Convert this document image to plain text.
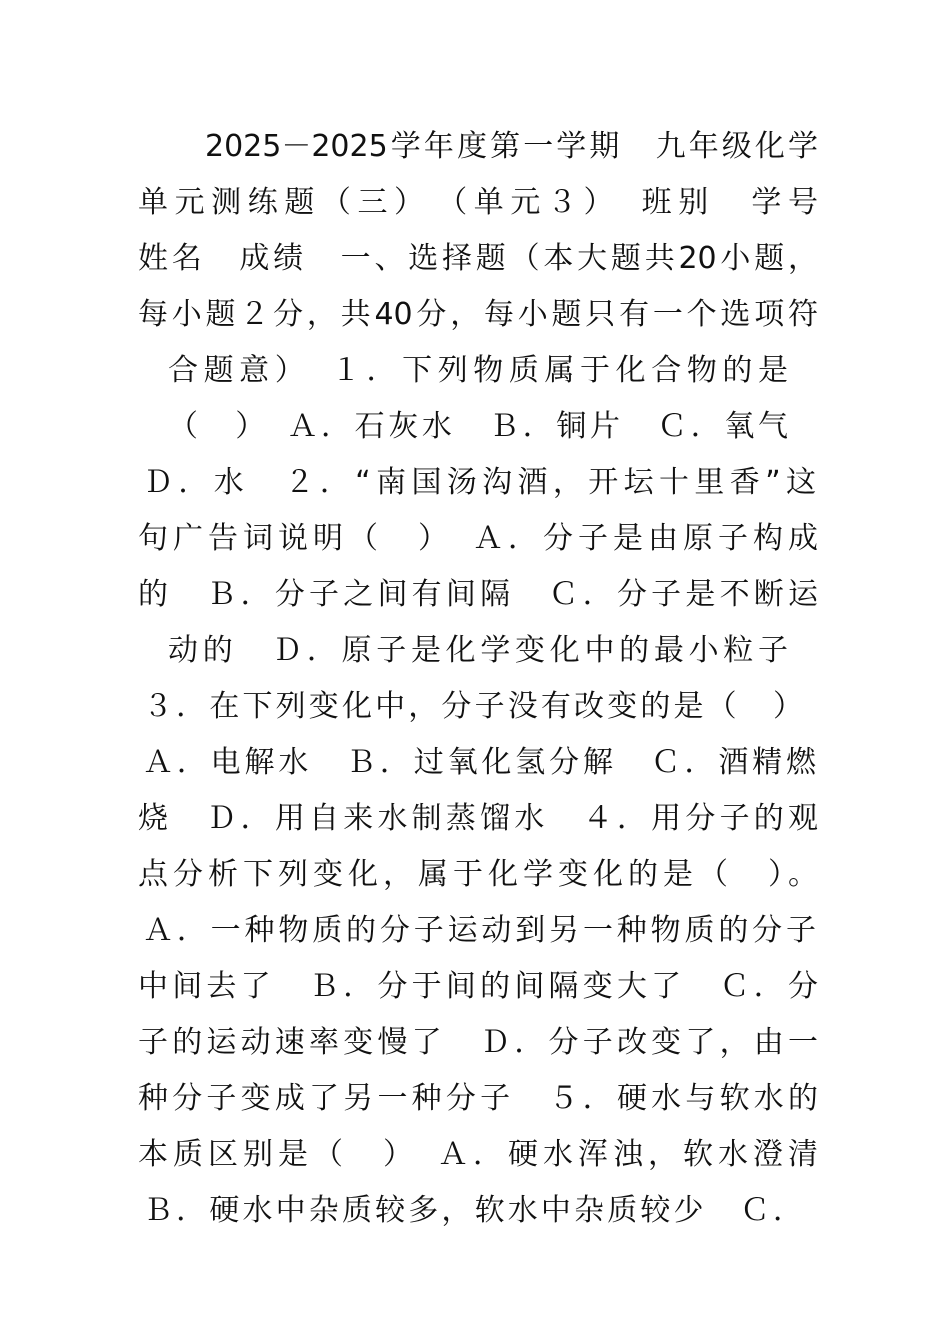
2025－2025学年度第一学期　九年级化学
单元测练题（三）　（单元３）　班别　学号
姓名　成绩　一、选择题（本大题共20小题，
每小题２分，共40分，每小题只有一个选项符
合题意）　１．下列物质属于化合物的是
（　）　Ａ．石灰水　Ｂ．铜片　Ｃ．氧气
Ｄ．水　２．“南国汤沟酒，开坛十里香”这
句广告词说明（　）　Ａ．分子是由原子构成
的　Ｂ．分子之间有间隔　Ｃ．分子是不断运
动的　Ｄ．原子是化学变化中的最小粒子
３．在下列变化中，分子没有改变的是（　）
Ａ．电解水　Ｂ．过氧化氢分解　Ｃ．酒精燃
烧　Ｄ．用自来水制蒸馏水　４．用分子的观
点分析下列变化，属于化学变化的是（　）。
Ａ．一种物质的分子运动到另一种物质的分子
中间去了　Ｂ．分于间的间隔变大了　Ｃ．分
子的运动速率变慢了　Ｄ．分子改变了，由一
种分子变成了另一种分子　５．硬水与软水的
本质区别是（　）　Ａ．硬水浑浊，软水澄清
Ｂ．硬水中杂质较多，软水中杂质较少　Ｃ．
